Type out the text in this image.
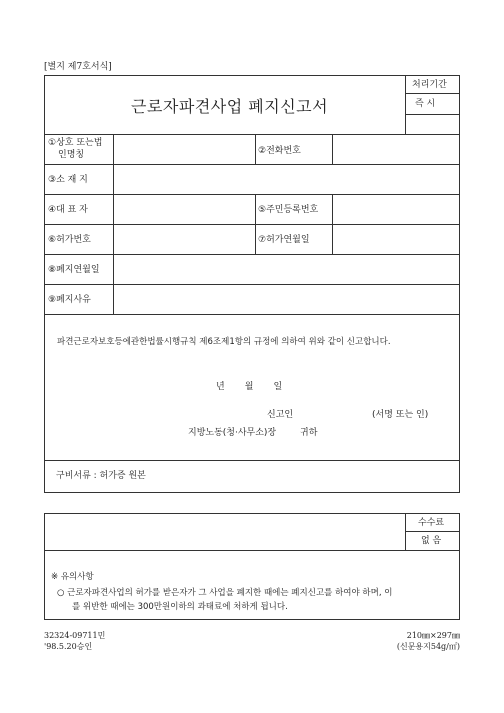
[별지 제7호서식]
근로자파견사업 폐지신고서
처리기간
즉 시
①상호 또는법
인명칭	②전화번호
③소 재 지
④대 표 자	⑤주민등록번호
⑥허가번호	⑦허가연월일
⑧폐지연월일
⑨폐지사유
파견근로자보호등에관한법률시행규칙 제6조제1항의 규정에 의하여 위와 같이 신고합니다.
년       월       일
신고인	(서명 또는 인)
지방노동(청·사무소)장	귀하
구비서류 : 허가증 원본
수수료
없 음
※ 유의사항
○ 근로자파견사업의 허가를 받은자가 그 사업을 폐지한 때에는 폐지신고를 하여야 하며, 이
를 위반한 때에는 300만원이하의 과태료에 처하게 됩니다.
32324-09711민
'98.5.20승인
210㎜×297㎜
(신문용지54g/㎡)
